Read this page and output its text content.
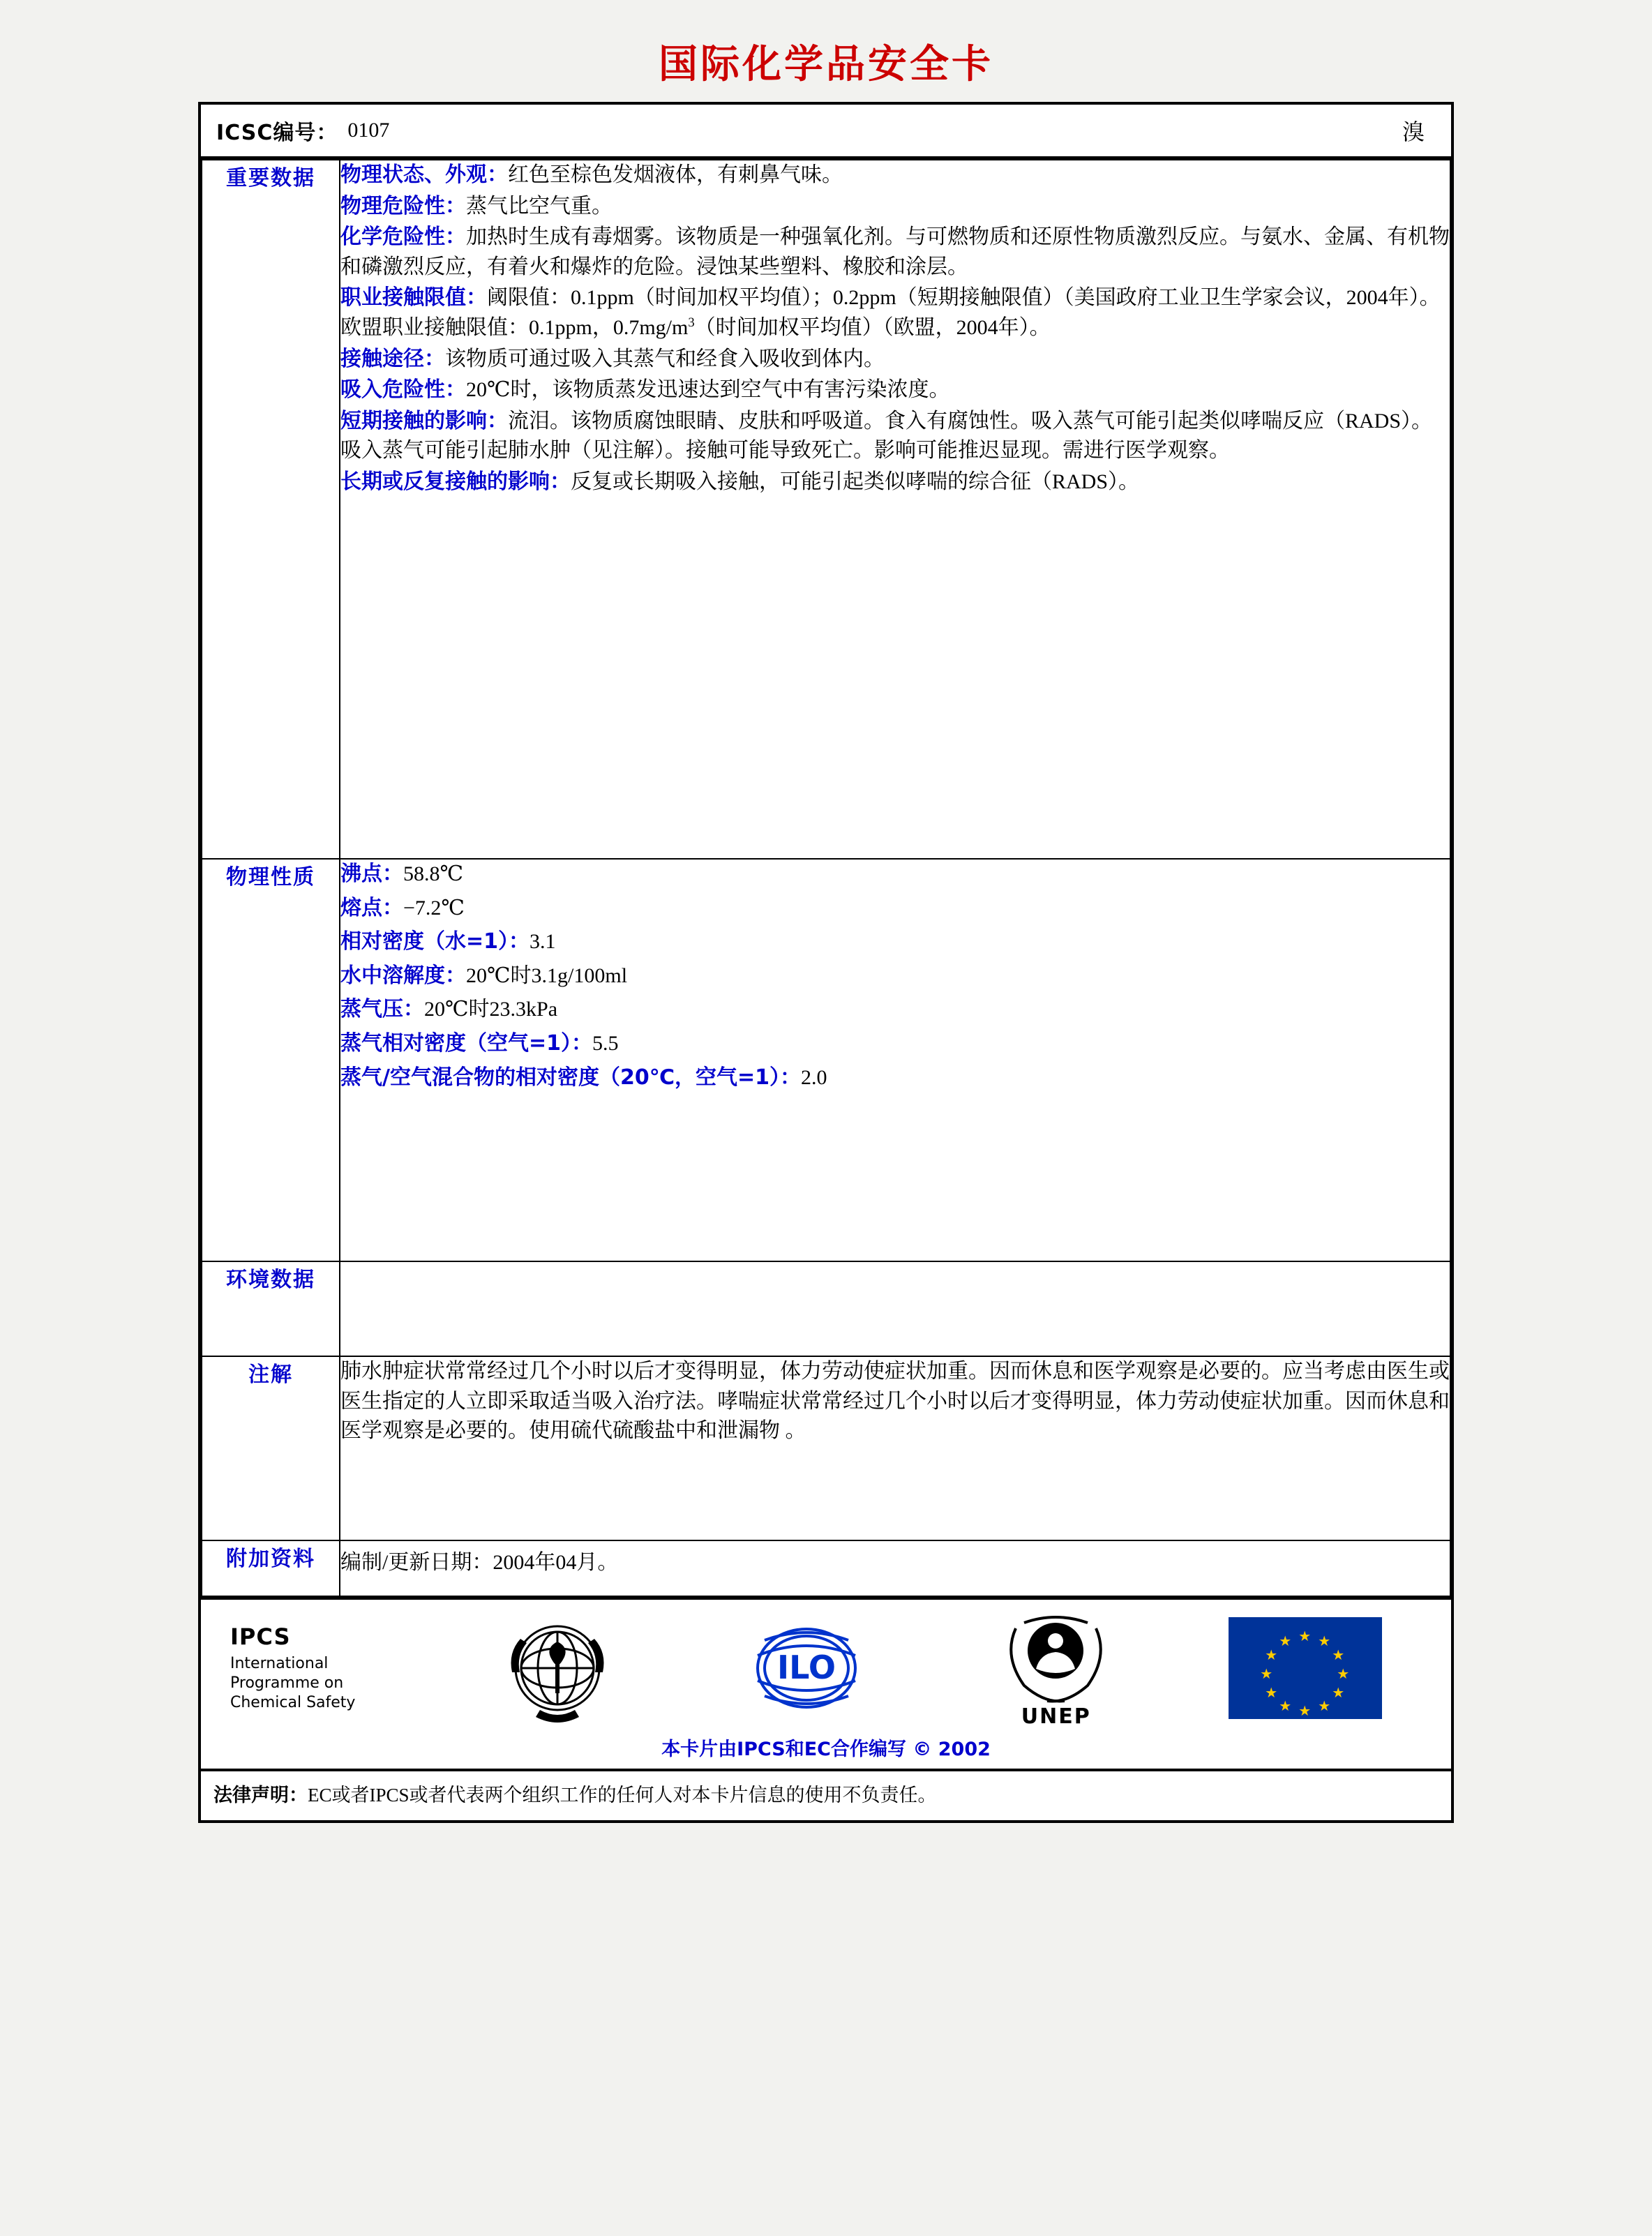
国际化学品安全卡
ICSC编号： 0107	溴
重要数据	物理状态、外观：红色至棕色发烟液体，有刺鼻气味。

物理危险性：蒸气比空气重。

化学危险性：加热时生成有毒烟雾。该物质是一种强氧化剂。与可燃物质和还原性物质激烈反应。与氨水、金属、有机物和磷激烈反应，有着火和爆炸的危险。浸蚀某些塑料、橡胶和涂层。

职业接触限值：阈限值：0.1ppm（时间加权平均值）；0.2ppm（短期接触限值）（美国政府工业卫生学家会议，2004年）。欧盟职业接触限值：0.1ppm，$0.7mg/m^3$（时间加权平均值）（欧盟，2004年）。

接触途径：该物质可通过吸入其蒸气和经食入吸收到体内。

吸入危险性：20℃时，该物质蒸发迅速达到空气中有害污染浓度。

短期接触的影响：流泪。该物质腐蚀眼睛、皮肤和呼吸道。食入有腐蚀性。吸入蒸气可能引起类似哮喘反应（RADS）。吸入蒸气可能引起肺水肿（见注解）。接触可能导致死亡。影响可能推迟显现。需进行医学观察。

长期或反复接触的影响：反复或长期吸入接触，可能引起类似哮喘的综合征（RADS）。

物理性质	沸点：58.8℃

熔点：−7.2℃

相对密度（水=1）：3.1

水中溶解度：20℃时3.1g/100ml

蒸气压：20℃时23.3kPa

蒸气相对密度（空气=1）：5.5

蒸气/空气混合物的相对密度（20℃，空气=1）：2.0

环境数据	
注解	肺水肿症状常常经过几个小时以后才变得明显，体力劳动使症状加重。因而休息和医学观察是必要的。应当考虑由医生或医生指定的人立即采取适当吸入治疗法。哮喘症状常常经过几个小时以后才变得明显，体力劳动使症状加重。因而休息和医学观察是必要的。使用硫代硫酸盐中和泄漏物 。
附加资料	编制/更新日期：2004年04月。
IPCS
International
Programme on
Chemical Safety
ILO
UNEP
★ ★
★
★
★
★
★
★
★
★
★
★
本卡片由IPCS和EC合作编写 © 2002
法律声明：EC或者IPCS或者代表两个组织工作的任何人对本卡片信息的使用不负责任。
